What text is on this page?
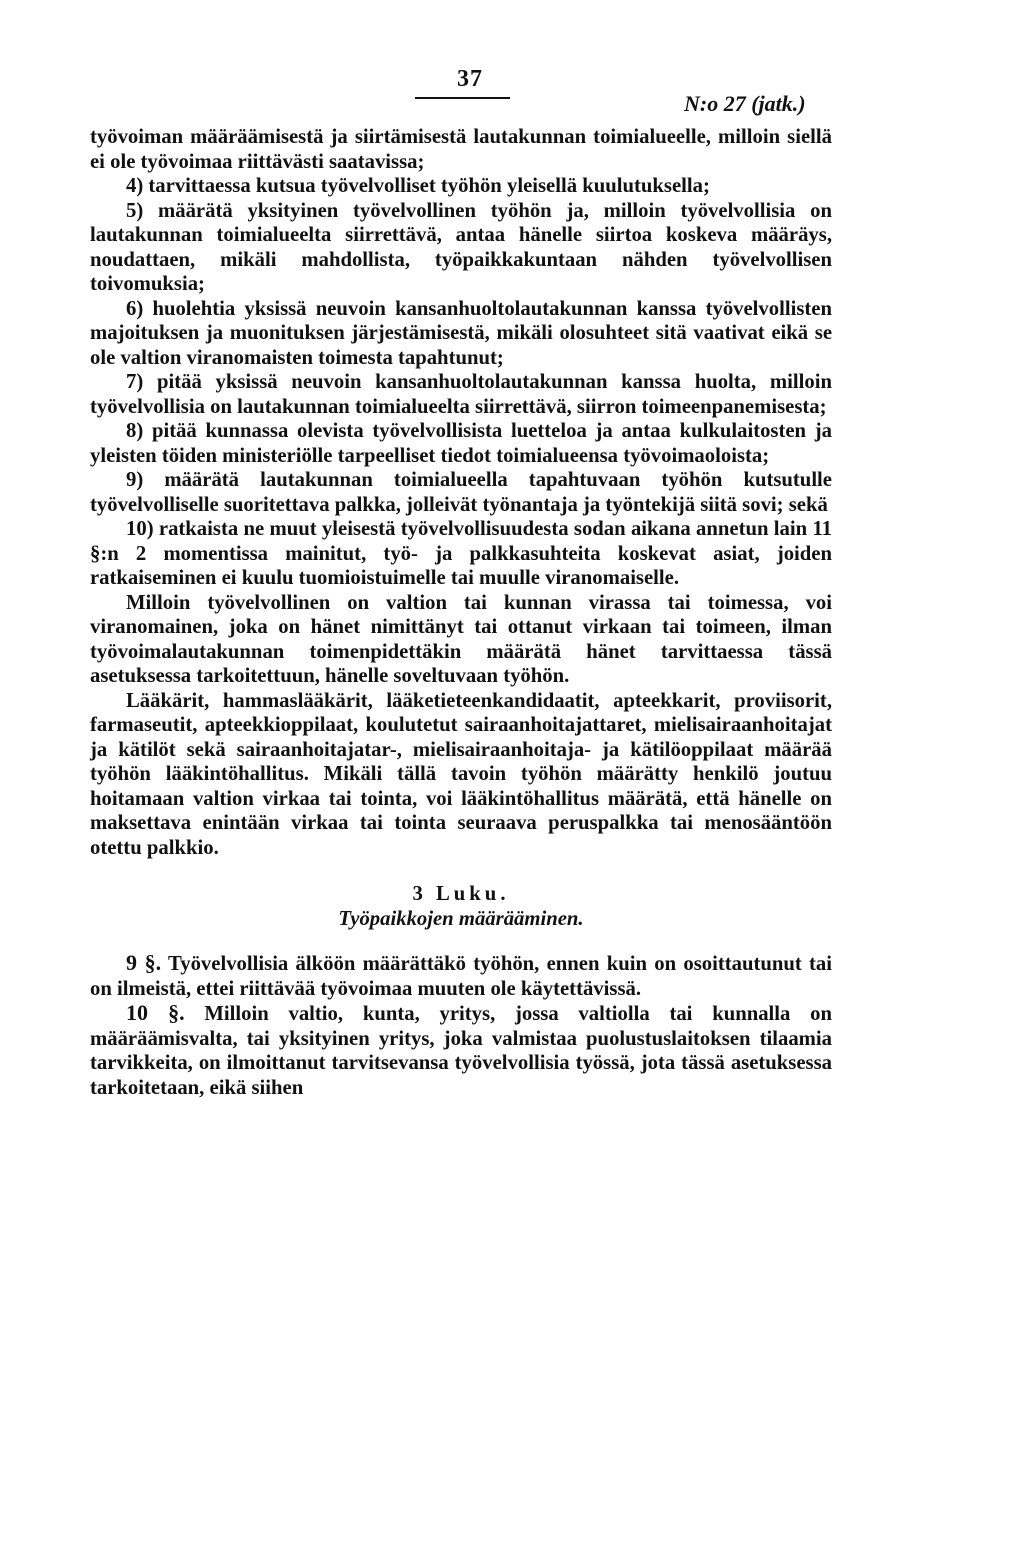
37
N:o 27 (jatk.)

työvoiman määräämisestä ja siirtämisestä lautakunnan toimialueelle, milloin siellä ei ole työvoimaa riittävästi saatavissa;

4) tarvittaessa kutsua työvelvolliset työhön yleisellä kuulutuksella;

5) määrätä yksityinen työvelvollinen työhön ja, milloin työvelvollisia on lautakunnan toimialueelta siirrettävä, antaa hänelle siirtoa koskeva määräys, noudattaen, mikäli mahdollista, työpaikkakuntaan nähden työvelvollisen toivomuksia;

6) huolehtia yksissä neuvoin kansanhuoltolautakunnan kanssa työvelvollisten majoituksen ja muonituksen järjestämisestä, mikäli olosuhteet sitä vaativat eikä se ole valtion viranomaisten toimesta tapahtunut;

7) pitää yksissä neuvoin kansanhuoltolautakunnan kanssa huolta, milloin työvelvollisia on lautakunnan toimialueelta siirrettävä, siirron toimeenpanemisesta;

8) pitää kunnassa olevista työvelvollisista luetteloa ja antaa kulkulaitosten ja yleisten töiden ministeriölle tarpeelliset tiedot toimialueensa työvoimaoloista;

9) määrätä lautakunnan toimialueella tapahtuvaan työhön kutsutulle työvelvolliselle suoritettava palkka, jolleivät työnantaja ja työntekijä siitä sovi; sekä

10) ratkaista ne muut yleisestä työvelvollisuudesta sodan aikana annetun lain 11 §:n 2 momentissa mainitut, työ- ja palkkasuhteita koskevat asiat, joiden ratkaiseminen ei kuulu tuomioistuimelle tai muulle viranomaiselle.

Milloin työvelvollinen on valtion tai kunnan virassa tai toimessa, voi viranomainen, joka on hänet nimittänyt tai ottanut virkaan tai toimeen, ilman työvoimalautakunnan toimenpidettäkin määrätä hänet tarvittaessa tässä asetuksessa tarkoitettuun, hänelle soveltuvaan työhön.

Lääkärit, hammaslääkärit, lääketieteenkandidaatit, apteekkarit, proviisorit, farmaseutit, apteekkioppilaat, koulutetut sairaanhoitajattaret, mielisairaanhoitajat ja kätilöt sekä sairaanhoitajatar-, mielisairaanhoitaja- ja kätilöoppilaat määrää työhön lääkintöhallitus. Mikäli tällä tavoin työhön määrätty henkilö joutuu hoitamaan valtion virkaa tai tointa, voi lääkintöhallitus määrätä, että hänelle on maksettava enintään virkaa tai tointa seuraava peruspalkka tai menosääntöön otettu palkkio.

3 Luku.

Työpaikkojen määrääminen.

9 §. Työvelvollisia älköön määrättäkö työhön, ennen kuin on osoittautunut tai on ilmeistä, ettei riittävää työvoimaa muuten ole käytettävissä.

10 §. Milloin valtio, kunta, yritys, jossa valtiolla tai kunnalla on määräämisvalta, tai yksityinen yritys, joka valmistaa puolustuslaitoksen tilaamia tarvikkeita, on ilmoittanut tarvitsevansa työvelvollisia työssä, jota tässä asetuksessa tarkoitetaan, eikä siihen
